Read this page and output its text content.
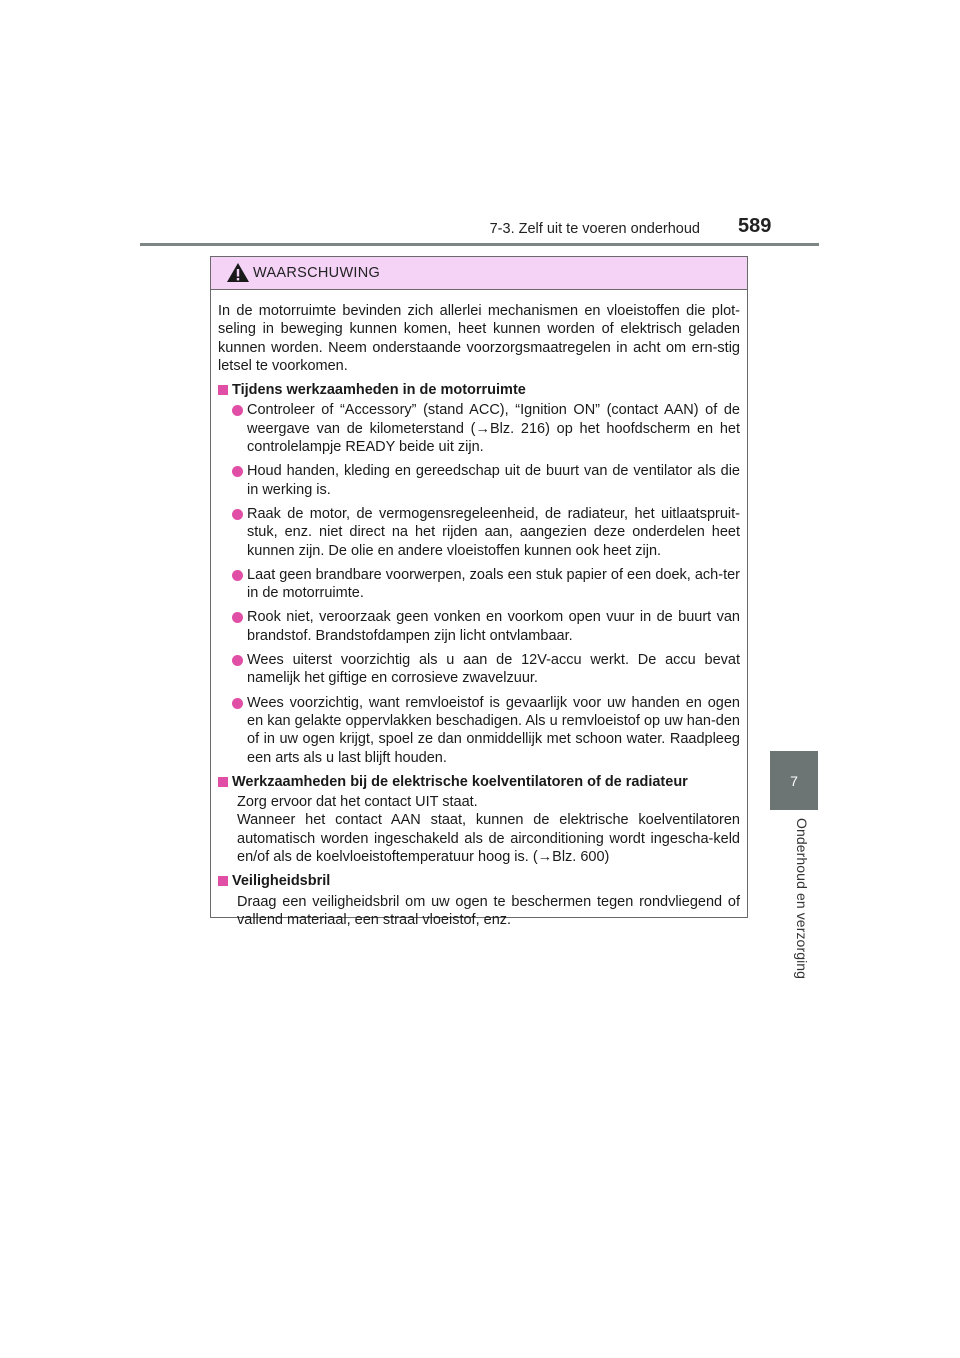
7-3. Zelf uit te voeren onderhoud 589
7
Onderhoud en verzorging
WAARSCHUWING

In de motorruimte bevinden zich allerlei mechanismen en vloeistoffen die plot-seling in beweging kunnen komen, heet kunnen worden of elektrisch geladen kunnen worden. Neem onderstaande voorzorgsmaatregelen in acht om ern-stig letsel te voorkomen.

Tijdens werkzaamheden in de motorruimte
Controleer of “Accessory” (stand ACC), “Ignition ON” (contact AAN) of de weergave van de kilometerstand (→Blz. 216) op het hoofdscherm en het controlelampje READY beide uit zijn.
Houd handen, kleding en gereedschap uit de buurt van de ventilator als die in werking is.
Raak de motor, de vermogensregeleenheid, de radiateur, het uitlaatspruit-stuk, enz. niet direct na het rijden aan, aangezien deze onderdelen heet kunnen zijn. De olie en andere vloeistoffen kunnen ook heet zijn.
Laat geen brandbare voorwerpen, zoals een stuk papier of een doek, ach-ter in de motorruimte.
Rook niet, veroorzaak geen vonken en voorkom open vuur in de buurt van brandstof. Brandstofdampen zijn licht ontvlambaar.
Wees uiterst voorzichtig als u aan de 12V-accu werkt. De accu bevat namelijk het giftige en corrosieve zwavelzuur.
Wees voorzichtig, want remvloeistof is gevaarlijk voor uw handen en ogen en kan gelakte oppervlakken beschadigen. Als u remvloeistof op uw han-den of in uw ogen krijgt, spoel ze dan onmiddellijk met schoon water. Raadpleeg een arts als u last blijft houden.
Werkzaamheden bij de elektrische koelventilatoren of de radiateur
Zorg ervoor dat het contact UIT staat.
Wanneer het contact AAN staat, kunnen de elektrische koelventilatoren automatisch worden ingeschakeld als de airconditioning wordt ingescha-keld en/of als de koelvloeistoftemperatuur hoog is. (→Blz. 600)
Veiligheidsbril
Draag een veiligheidsbril om uw ogen te beschermen tegen rondvliegend of vallend materiaal, een straal vloeistof, enz.
